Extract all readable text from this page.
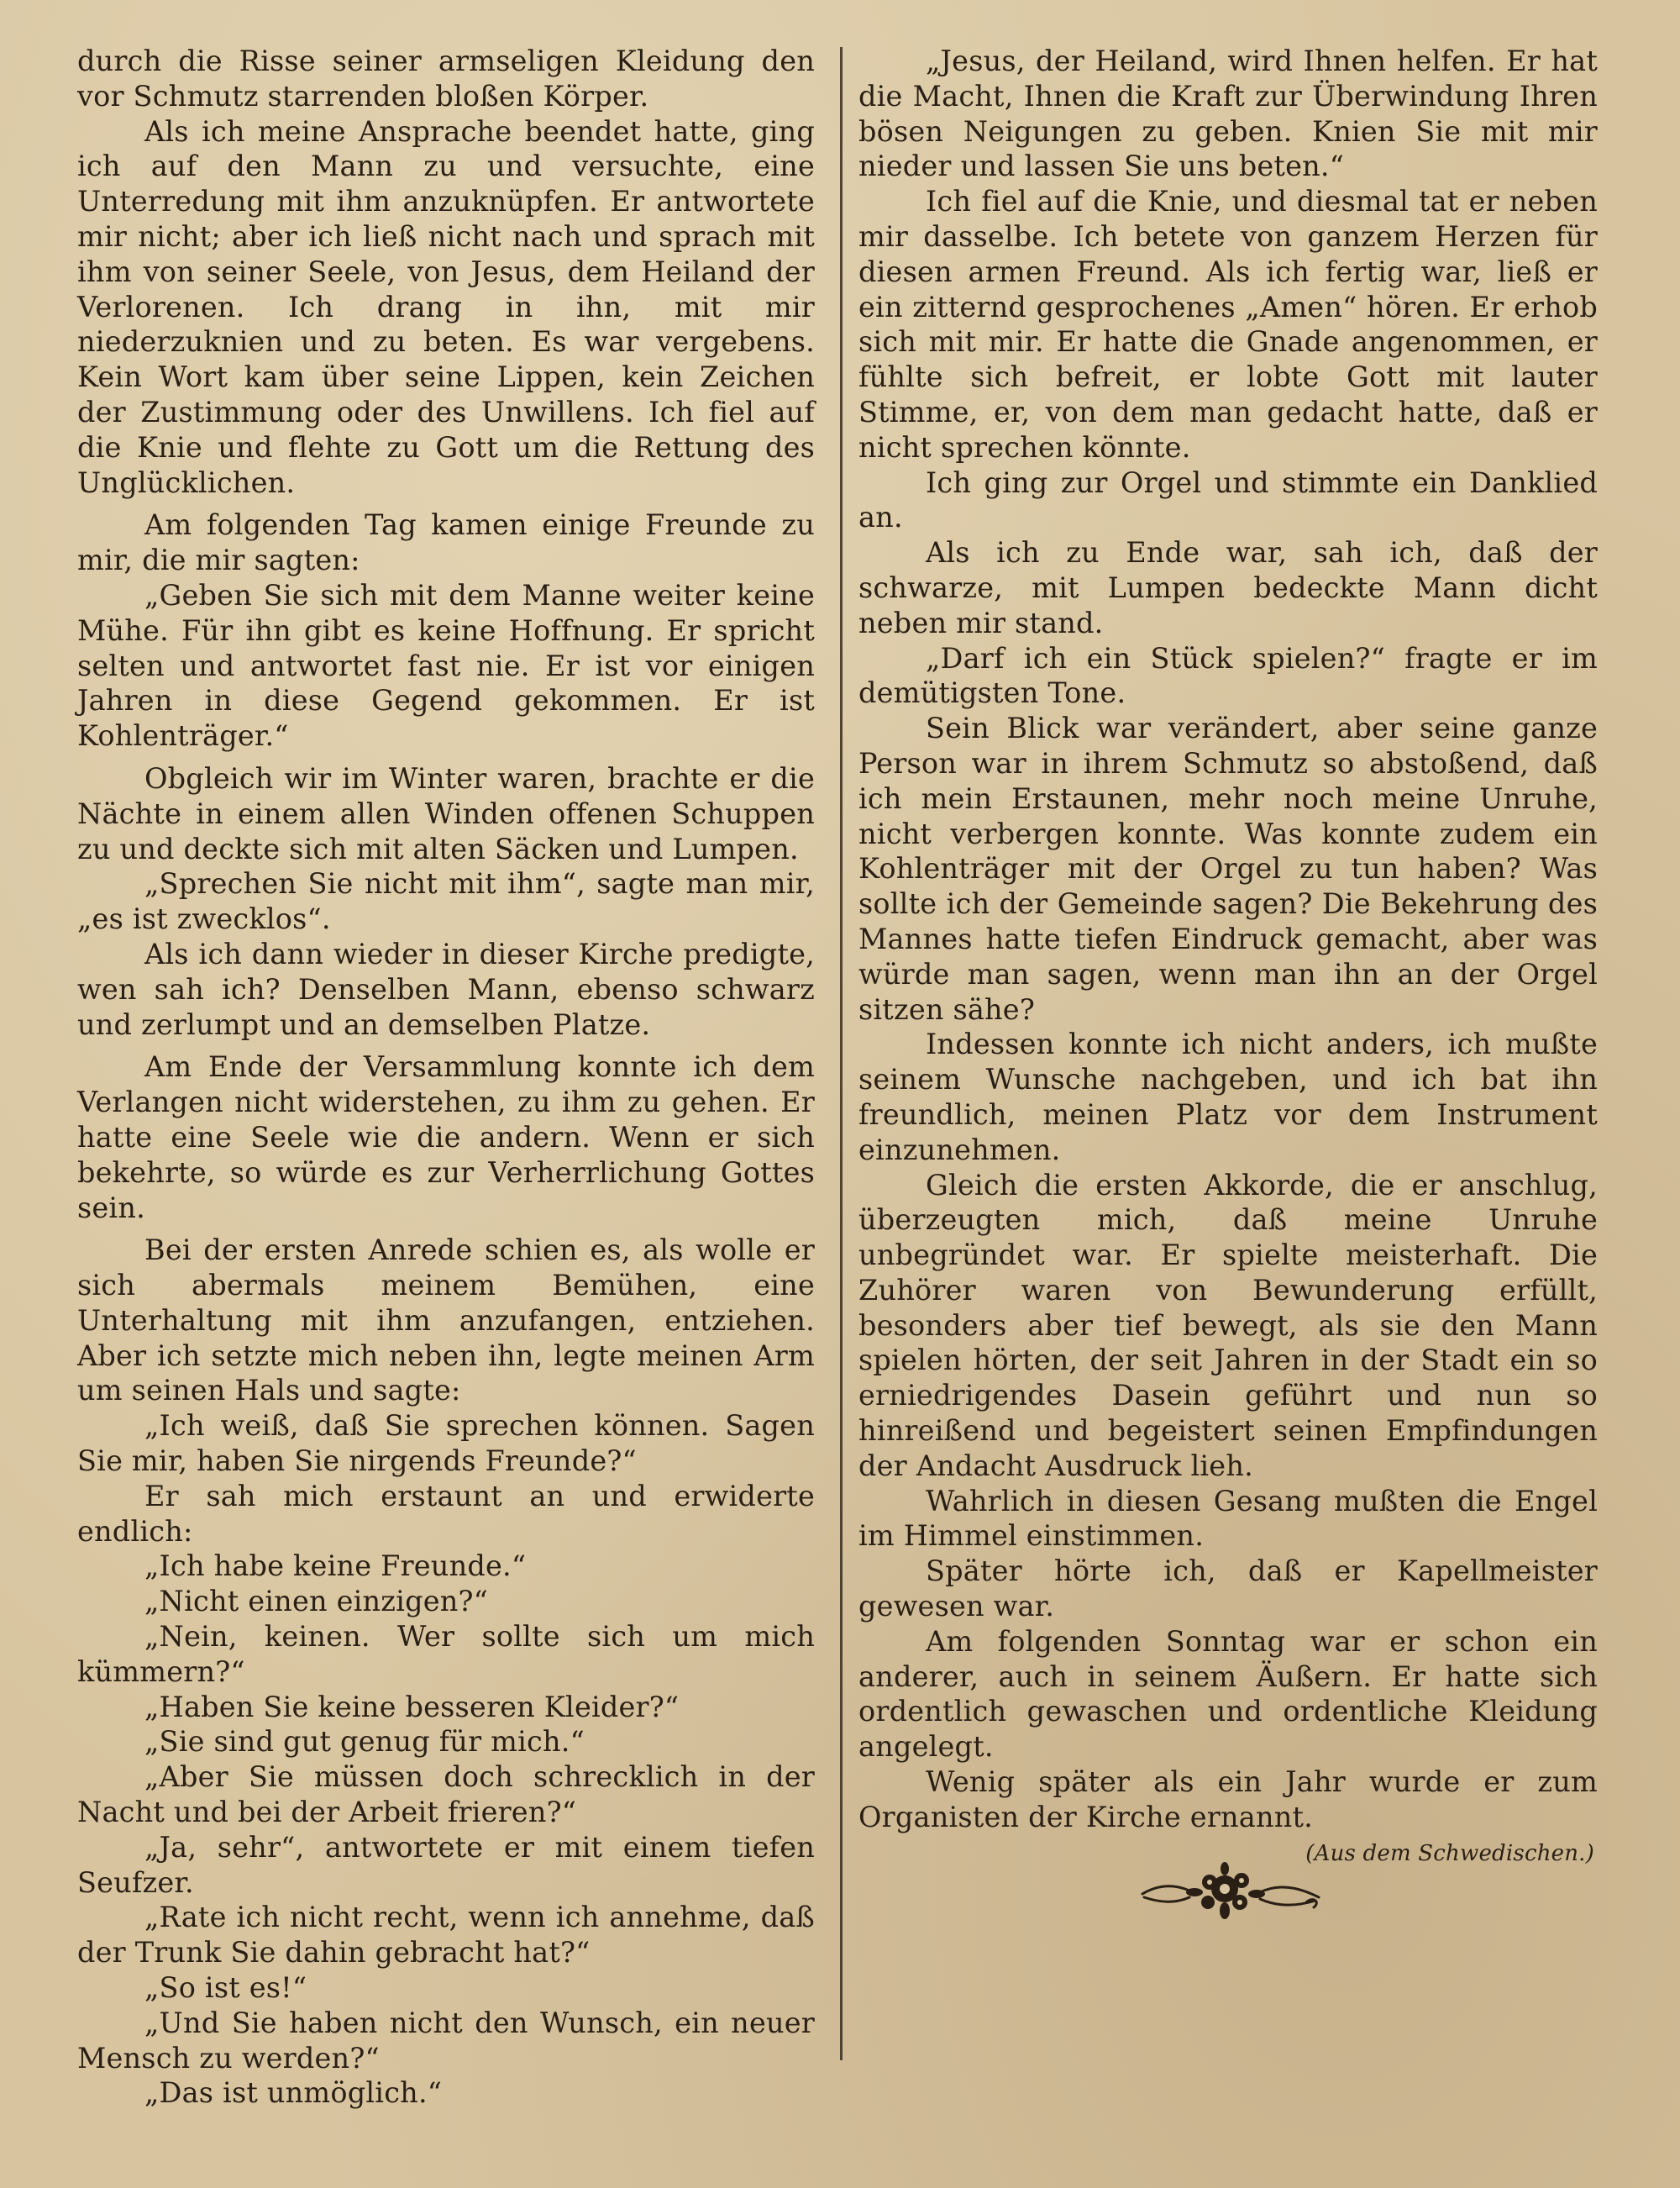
durch die Risse seiner armseligen Kleidung den vor Schmutz starrenden bloßen Körper.

Als ich meine Ansprache beendet hatte, ging ich auf den Mann zu und versuchte, eine Unterredung mit ihm anzuknüpfen. Er antwortete mir nicht; aber ich ließ nicht nach und sprach mit ihm von seiner Seele, von Jesus, dem Heiland der Verlorenen. Ich drang in ihn, mit mir niederzuknien und zu beten. Es war vergebens. Kein Wort kam über seine Lippen, kein Zeichen der Zustimmung oder des Unwillens. Ich fiel auf die Knie und flehte zu Gott um die Rettung des Unglücklichen.

Am folgenden Tag kamen einige Freunde zu mir, die mir sagten:

„Geben Sie sich mit dem Manne weiter keine Mühe. Für ihn gibt es keine Hoffnung. Er spricht selten und antwortet fast nie. Er ist vor einigen Jahren in diese Gegend gekommen. Er ist Kohlenträger.“

Obgleich wir im Winter waren, brachte er die Nächte in einem allen Winden offenen Schuppen zu und deckte sich mit alten Säcken und Lumpen.

„Sprechen Sie nicht mit ihm“, sagte man mir, „es ist zwecklos“.

Als ich dann wieder in dieser Kirche predigte, wen sah ich? Denselben Mann, ebenso schwarz und zerlumpt und an demselben Platze.

Am Ende der Versammlung konnte ich dem Verlangen nicht widerstehen, zu ihm zu gehen. Er hatte eine Seele wie die andern. Wenn er sich bekehrte, so würde es zur Verherrlichung Gottes sein.

Bei der ersten Anrede schien es, als wolle er sich abermals meinem Bemühen, eine Unterhaltung mit ihm anzufangen, entziehen. Aber ich setzte mich neben ihn, legte meinen Arm um seinen Hals und sagte:

„Ich weiß, daß Sie sprechen können. Sagen Sie mir, haben Sie nirgends Freunde?“

Er sah mich erstaunt an und erwiderte endlich:

„Ich habe keine Freunde.“

„Nicht einen einzigen?“

„Nein, keinen. Wer sollte sich um mich kümmern?“

„Haben Sie keine besseren Kleider?“

„Sie sind gut genug für mich.“

„Aber Sie müssen doch schrecklich in der Nacht und bei der Arbeit frieren?“

„Ja, sehr“, antwortete er mit einem tiefen Seufzer.

„Rate ich nicht recht, wenn ich annehme, daß der Trunk Sie dahin gebracht hat?“

„So ist es!“

„Und Sie haben nicht den Wunsch, ein neuer Mensch zu werden?“

„Das ist unmöglich.“

„Jesus, der Heiland, wird Ihnen helfen. Er hat die Macht, Ihnen die Kraft zur Überwindung Ihren bösen Neigungen zu geben. Knien Sie mit mir nieder und lassen Sie uns beten.“

Ich fiel auf die Knie, und diesmal tat er neben mir dasselbe. Ich betete von ganzem Herzen für diesen armen Freund. Als ich fertig war, ließ er ein zitternd gesprochenes „Amen“ hören. Er erhob sich mit mir. Er hatte die Gnade angenommen, er fühlte sich befreit, er lobte Gott mit lauter Stimme, er, von dem man gedacht hatte, daß er nicht sprechen könnte.

Ich ging zur Orgel und stimmte ein Danklied an.

Als ich zu Ende war, sah ich, daß der schwarze, mit Lumpen bedeckte Mann dicht neben mir stand.

„Darf ich ein Stück spielen?“ fragte er im demütigsten Tone.

Sein Blick war verändert, aber seine ganze Person war in ihrem Schmutz so abstoßend, daß ich mein Erstaunen, mehr noch meine Unruhe, nicht verbergen konnte. Was konnte zudem ein Kohlenträger mit der Orgel zu tun haben? Was sollte ich der Gemeinde sagen? Die Bekehrung des Mannes hatte tiefen Eindruck gemacht, aber was würde man sagen, wenn man ihn an der Orgel sitzen sähe?

Indessen konnte ich nicht anders, ich mußte seinem Wunsche nachgeben, und ich bat ihn freundlich, meinen Platz vor dem Instrument einzunehmen.

Gleich die ersten Akkorde, die er anschlug, überzeugten mich, daß meine Unruhe unbegründet war. Er spielte meisterhaft. Die Zuhörer waren von Bewunderung erfüllt, besonders aber tief bewegt, als sie den Mann spielen hörten, der seit Jahren in der Stadt ein so erniedrigendes Dasein geführt und nun so hinreißend und begeistert seinen Empfindungen der Andacht Ausdruck lieh.

Wahrlich in diesen Gesang mußten die Engel im Himmel einstimmen.

Später hörte ich, daß er Kapellmeister gewesen war.

Am folgenden Sonntag war er schon ein anderer, auch in seinem Äußern. Er hatte sich ordentlich gewaschen und ordentliche Kleidung angelegt.

Wenig später als ein Jahr wurde er zum Organisten der Kirche ernannt.

(Aus dem Schwedischen.)
